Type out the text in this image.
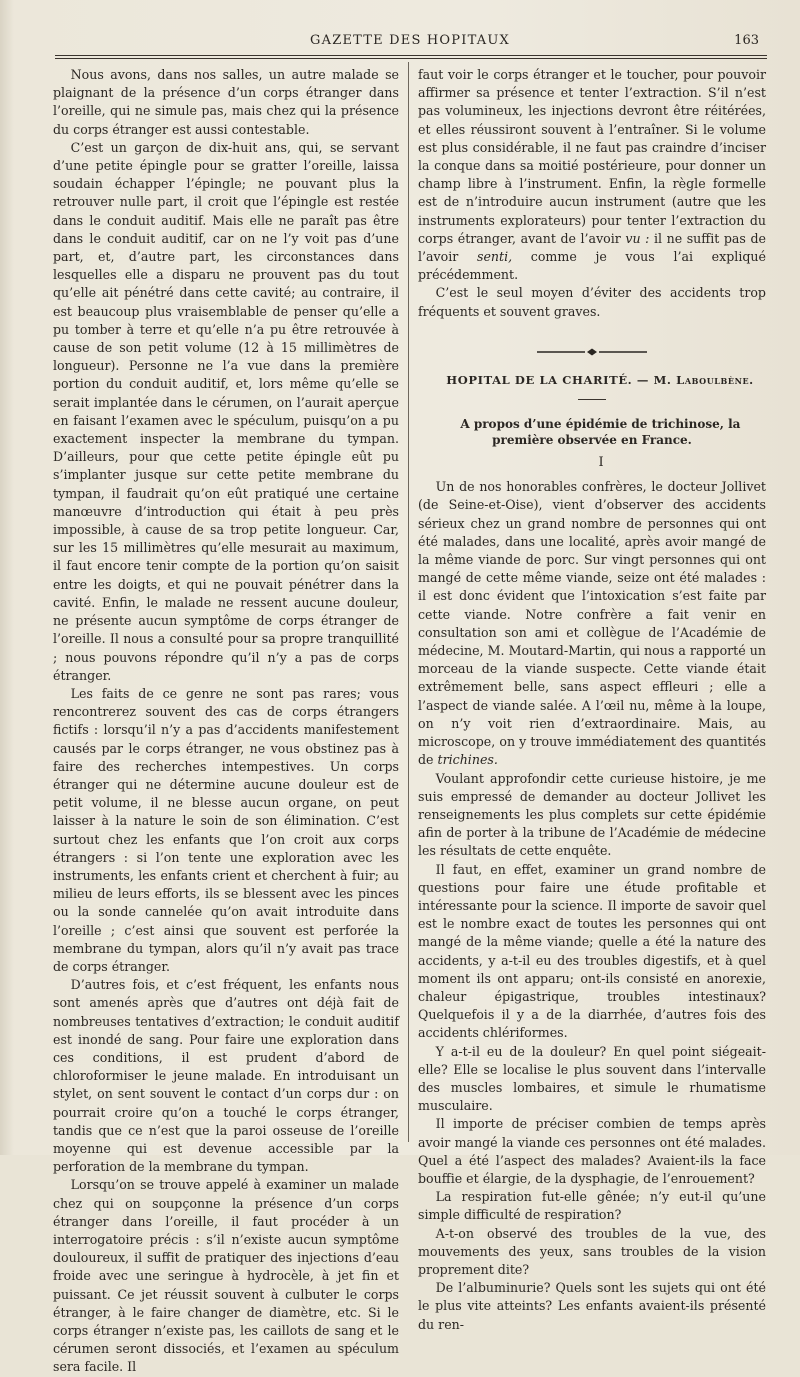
GAZETTE DES HOPITAUX	163

Nous avons, dans nos salles, un autre malade se plaignant de la présence d’un corps étranger dans l’oreille, qui ne simule pas, mais chez qui la présence du corps étranger est aussi contestable.

C’est un garçon de dix-huit ans, qui, se servant d’une petite épingle pour se gratter l’oreille, laissa soudain échapper l’épingle; ne pouvant plus la retrouver nulle part, il croit que l’épingle est restée dans le conduit auditif. Mais elle ne paraît pas être dans le conduit auditif, car on ne l’y voit pas d’une part, et, d’autre part, les circonstances dans lesquelles elle a disparu ne prouvent pas du tout qu’elle ait pénétré dans cette cavité; au contraire, il est beaucoup plus vraisemblable de penser qu’elle a pu tomber à terre et qu’elle n’a pu être retrouvée à cause de son petit volume (12 à 15 millimètres de longueur). Personne ne l’a vue dans la première portion du conduit auditif, et, lors même qu’elle se serait implantée dans le cérumen, on l’aurait aperçue en faisant l’examen avec le spéculum, puisqu’on a pu exactement inspecter la membrane du tympan. D’ailleurs, pour que cette petite épingle eût pu s’implanter jusque sur cette petite membrane du tympan, il faudrait qu’on eût pratiqué une certaine manœuvre d’introduction qui était à peu près impossible, à cause de sa trop petite longueur. Car, sur les 15 millimètres qu’elle mesurait au maximum, il faut encore tenir compte de la portion qu’on saisit entre les doigts, et qui ne pouvait pénétrer dans la cavité. Enfin, le malade ne ressent aucune douleur, ne présente aucun symptôme de corps étranger de l’oreille. Il nous a consulté pour sa propre tranquillité ; nous pouvons répondre qu’il n’y a pas de corps étranger.

Les faits de ce genre ne sont pas rares; vous rencontrerez souvent des cas de corps étrangers fictifs : lorsqu’il n’y a pas d’accidents manifestement causés par le corps étranger, ne vous obstinez pas à faire des recherches intempestives. Un corps étranger qui ne détermine aucune douleur est de petit volume, il ne blesse aucun organe, on peut laisser à la nature le soin de son élimination. C’est surtout chez les enfants que l’on croit aux corps étrangers : si l’on tente une exploration avec les instruments, les enfants crient et cherchent à fuir; au milieu de leurs efforts, ils se blessent avec les pinces ou la sonde cannelée qu’on avait introduite dans l’oreille ; c’est ainsi que souvent est perforée la membrane du tympan, alors qu’il n’y avait pas trace de corps étranger.

D’autres fois, et c’est fréquent, les enfants nous sont amenés après que d’autres ont déjà fait de nombreuses tentatives d’extraction; le conduit auditif est inondé de sang. Pour faire une exploration dans ces conditions, il est prudent d’abord de chloroformiser le jeune malade. En introduisant un stylet, on sent souvent le contact d’un corps dur : on pourrait croire qu’on a touché le corps étranger, tandis que ce n’est que la paroi osseuse de l’oreille moyenne qui est devenue accessible par la perforation de la membrane du tympan.

Lorsqu’on se trouve appelé à examiner un malade chez qui on soupçonne la présence d’un corps étranger dans l’oreille, il faut procéder à un interrogatoire précis : s’il n’existe aucun symptôme douloureux, il suffit de pratiquer des injections d’eau froide avec une seringue à hydrocèle, à jet fin et puissant. Ce jet réussit souvent à culbuter le corps étranger, à le faire changer de diamètre, etc. Si le corps étranger n’existe pas, les caillots de sang et le cérumen seront dissociés, et l’examen au spéculum sera facile. Il

faut voir le corps étranger et le toucher, pour pouvoir affirmer sa présence et tenter l’extraction. S’il n’est pas volumineux, les injections devront être réitérées, et elles réussiront souvent à l’entraîner. Si le volume est plus considérable, il ne faut pas craindre d’inciser la conque dans sa moitié postérieure, pour donner un champ libre à l’instrument. Enfin, la règle formelle est de n’introduire aucun instrument (autre que les instruments explorateurs) pour tenter l’extraction du corps étranger, avant de l’avoir vu : il ne suffit pas de l’avoir senti, comme je vous l’ai expliqué précédemment.

C’est le seul moyen d’éviter des accidents trop fréquents et souvent graves.

HOPITAL DE LA CHARITÉ. — M. Laboulbène.

A propos d’une épidémie de trichinose, la première observée en France.

I

Un de nos honorables confrères, le docteur Jollivet (de Seine-et-Oise), vient d’observer des accidents sérieux chez un grand nombre de personnes qui ont été malades, dans une localité, après avoir mangé de la même viande de porc. Sur vingt personnes qui ont mangé de cette même viande, seize ont été malades : il est donc évident que l’intoxication s’est faite par cette viande. Notre confrère a fait venir en consultation son ami et collègue de l’Académie de médecine, M. Moutard-Martin, qui nous a rapporté un morceau de la viande suspecte. Cette viande était extrêmement belle, sans aspect effleuri ; elle a l’aspect de viande salée. A l’œil nu, même à la loupe, on n’y voit rien d’extraordinaire. Mais, au microscope, on y trouve immédiatement des quantités de trichines.

Voulant approfondir cette curieuse histoire, je me suis empressé de demander au docteur Jollivet les renseignements les plus complets sur cette épidémie afin de porter à la tribune de l’Académie de médecine les résultats de cette enquête.

Il faut, en effet, examiner un grand nombre de questions pour faire une étude profitable et intéressante pour la science. Il importe de savoir quel est le nombre exact de toutes les personnes qui ont mangé de la même viande; quelle a été la nature des accidents, y a-t-il eu des troubles digestifs, et à quel moment ils ont apparu; ont-ils consisté en anorexie, chaleur épigastrique, troubles intestinaux? Quelquefois il y a de la diarrhée, d’autres fois des accidents chlériformes.

Y a-t-il eu de la douleur? En quel point siégeait-elle? Elle se localise le plus souvent dans l’intervalle des muscles lombaires, et simule le rhumatisme musculaire.

Il importe de préciser combien de temps après avoir mangé la viande ces personnes ont été malades. Quel a été l’aspect des malades? Avaient-ils la face bouffie et élargie, de la dysphagie, de l’enrouement?

La respiration fut-elle gênée; n’y eut-il qu’une simple difficulté de respiration?

A-t-on observé des troubles de la vue, des mouvements des yeux, sans troubles de la vision proprement dite?

De l’albuminurie? Quels sont les sujets qui ont été le plus vite atteints? Les enfants avaient-ils présenté du ren-
